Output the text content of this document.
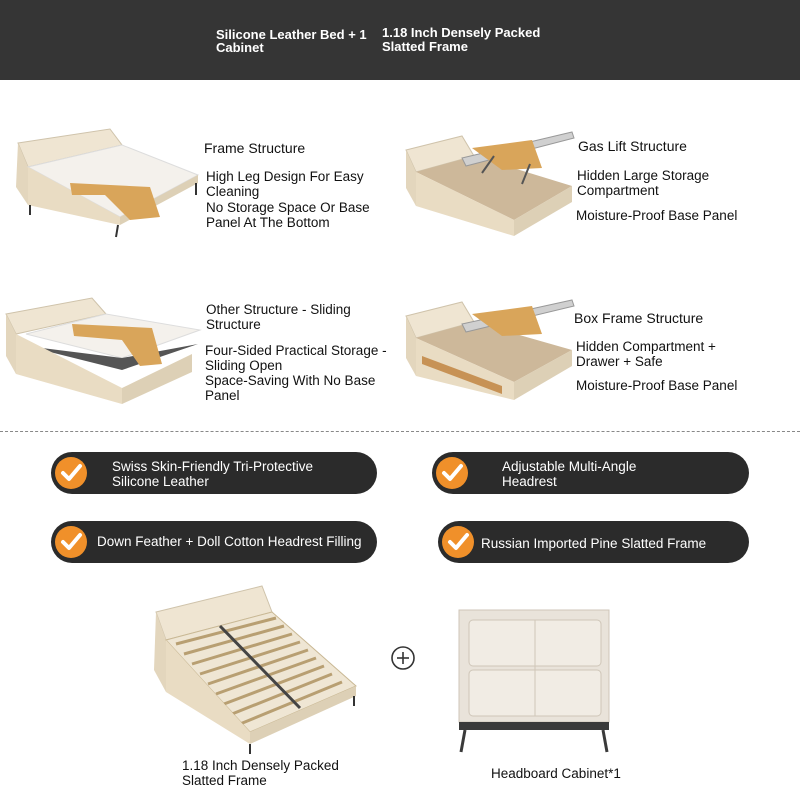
Silicone Leather Bed + 1 Cabinet
1.18 Inch Densely Packed Slatted Frame
Frame Structure
High Leg Design For Easy Cleaning
No Storage Space Or Base Panel At The Bottom
Gas Lift Structure
Hidden Large Storage Compartment
Moisture-Proof Base Panel
Other Structure - Sliding Structure
Four-Sided Practical Storage - Sliding Open
Space-Saving With No Base Panel
Box Frame Structure
Hidden Compartment + Drawer + Safe
Moisture-Proof Base Panel
Swiss Skin-Friendly Tri-Protective Silicone Leather
Adjustable Multi-Angle Headrest
Down Feather + Doll Cotton Headrest Filling	Russian Imported Pine Slatted Frame
1.18 Inch Densely Packed Slatted Frame	Headboard Cabinet*1
